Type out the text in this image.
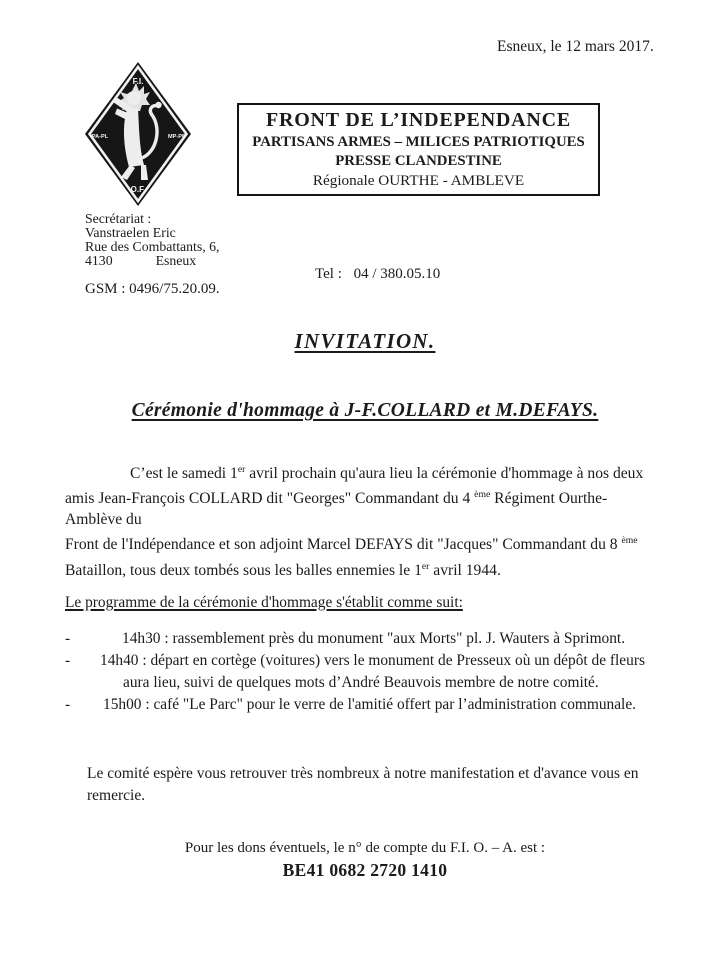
Esneux, le 12 mars 2017.
F.I.
PA-PL	MP-PB
O.F.
FRONT DE L’INDEPENDANCE
PARTISANS ARMES – MILICES PATRIOTIQUES
PRESSE CLANDESTINE
Régionale OURTHE - AMBLEVE
Secrétariat :
Vanstraelen Eric
Rue des Combattants, 6,
4130	Esneux
Tel : 04 / 380.05.10
GSM : 0496/75.20.09.
INVITATION.
Cérémonie d'hommage à J-F.COLLARD et M.DEFAYS.
C’est le samedi 1er avril prochain qu'aura lieu la cérémonie d'hommage à nos deux
amis Jean-François COLLARD dit "Georges" Commandant du 4 $^{ème}$ Régiment Ourthe-
Amblève du
Front de l'Indépendance et son adjoint Marcel DEFAYS dit "Jacques" Commandant du 8 $^{ème}$
Bataillon, tous deux tombés sous les balles ennemies le 1er avril 1944.
Le programme de la cérémonie d'hommage s'établit comme suit:
-	14h30 : rassemblement près du monument "aux Morts" pl. J. Wauters à Sprimont.
-	14h40 : départ en cortège (voitures) vers le monument de Presseux où un dépôt de fleurs
aura lieu, suivi de quelques mots d’André Beauvois membre de notre comité.
-	15h00 : café "Le Parc" pour le verre de l'amitié offert par l’administration communale.
Le comité espère vous retrouver très nombreux à notre manifestation et d'avance vous en
remercie.
Pour les dons éventuels, le n° de compte du F.I. O. – A. est :
BE41 0682 2720 1410
